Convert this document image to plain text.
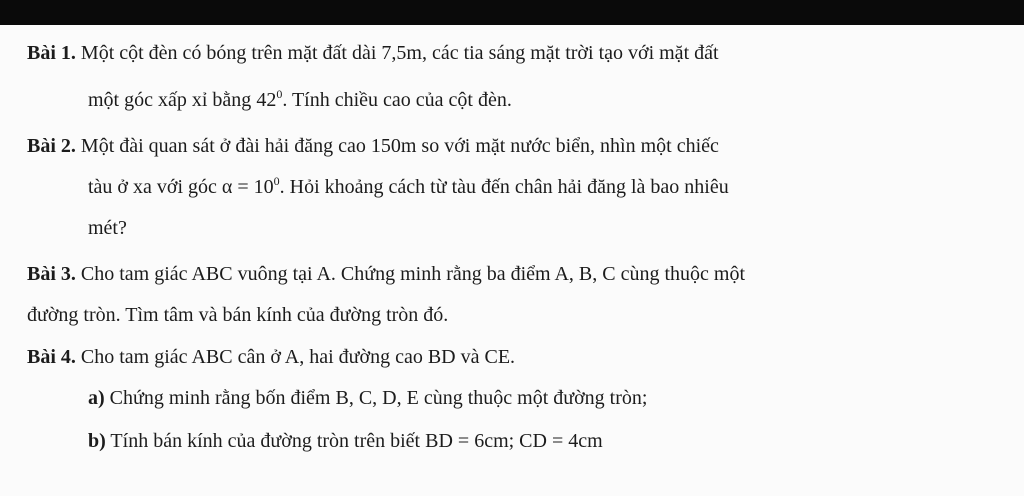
Bài 1. Một cột đèn có bóng trên mặt đất dài 7,5m, các tia sáng mặt trời tạo với mặt đất
một góc xấp xỉ bằng $42^0$. Tính chiều cao của cột đèn.
Bài 2. Một đài quan sát ở đài hải đăng cao 150m so với mặt nước biển, nhìn một chiếc
tàu ở xa với góc $\alpha = 10^0$. Hỏi khoảng cách từ tàu đến chân hải đăng là bao nhiêu
mét?
Bài 3. Cho tam giác ABC vuông tại A. Chứng minh rằng ba điểm A, B, C cùng thuộc một
đường tròn. Tìm tâm và bán kính của đường tròn đó.
Bài 4. Cho tam giác ABC cân ở A, hai đường cao BD và CE.
a) Chứng minh rằng bốn điểm B, C, D, E cùng thuộc một đường tròn;
b) Tính bán kính của đường tròn trên biết BD = 6cm; CD = 4cm
